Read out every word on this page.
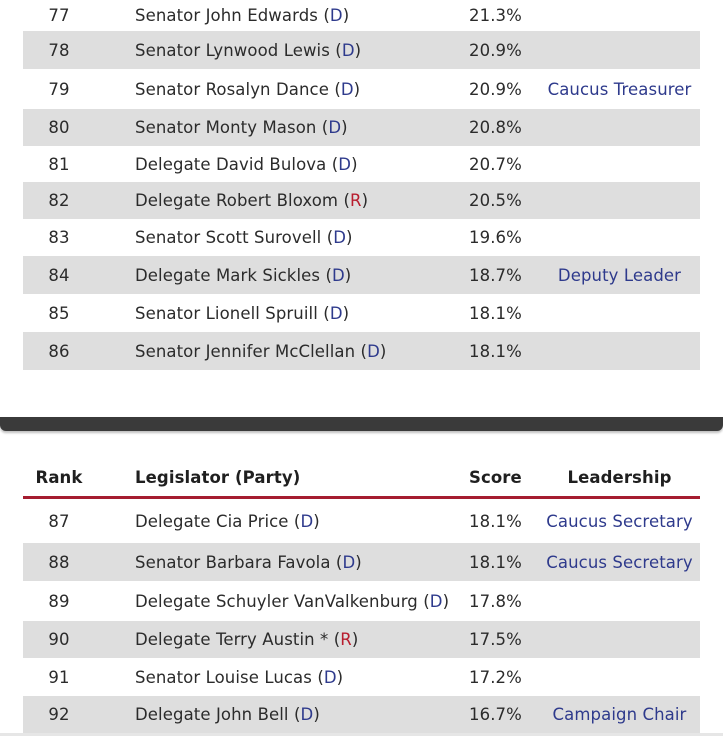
77	Senator John Edwards ( D )	21.3%
78	Senator Lynwood Lewis ( D )	20.9%
79	Senator Rosalyn Dance ( D )	20.9%	Caucus Treasurer
80	Senator Monty Mason ( D )	20.8%
81	Delegate David Bulova ( D )	20.7%
82	Delegate Robert Bloxom ( R )	20.5%
83	Senator Scott Surovell ( D )	19.6%
84	Delegate Mark Sickles ( D )	18.7%	Deputy Leader
85	Senator Lionell Spruill ( D )	18.1%
86	Senator Jennifer McClellan ( D )	18.1%
Rank	Legislator (Party)	Score	Leadership
87	Delegate Cia Price ( D )	18.1%	Caucus Secretary
88	Senator Barbara Favola ( D )	18.1%	Caucus Secretary
89	Delegate Schuyler VanValkenburg ( D ) 17.8%
90	Delegate Terry Austin * ( R )	17.5%
91	Senator Louise Lucas ( D )	17.2%
92	Delegate John Bell ( D )	16.7%	Campaign Chair
